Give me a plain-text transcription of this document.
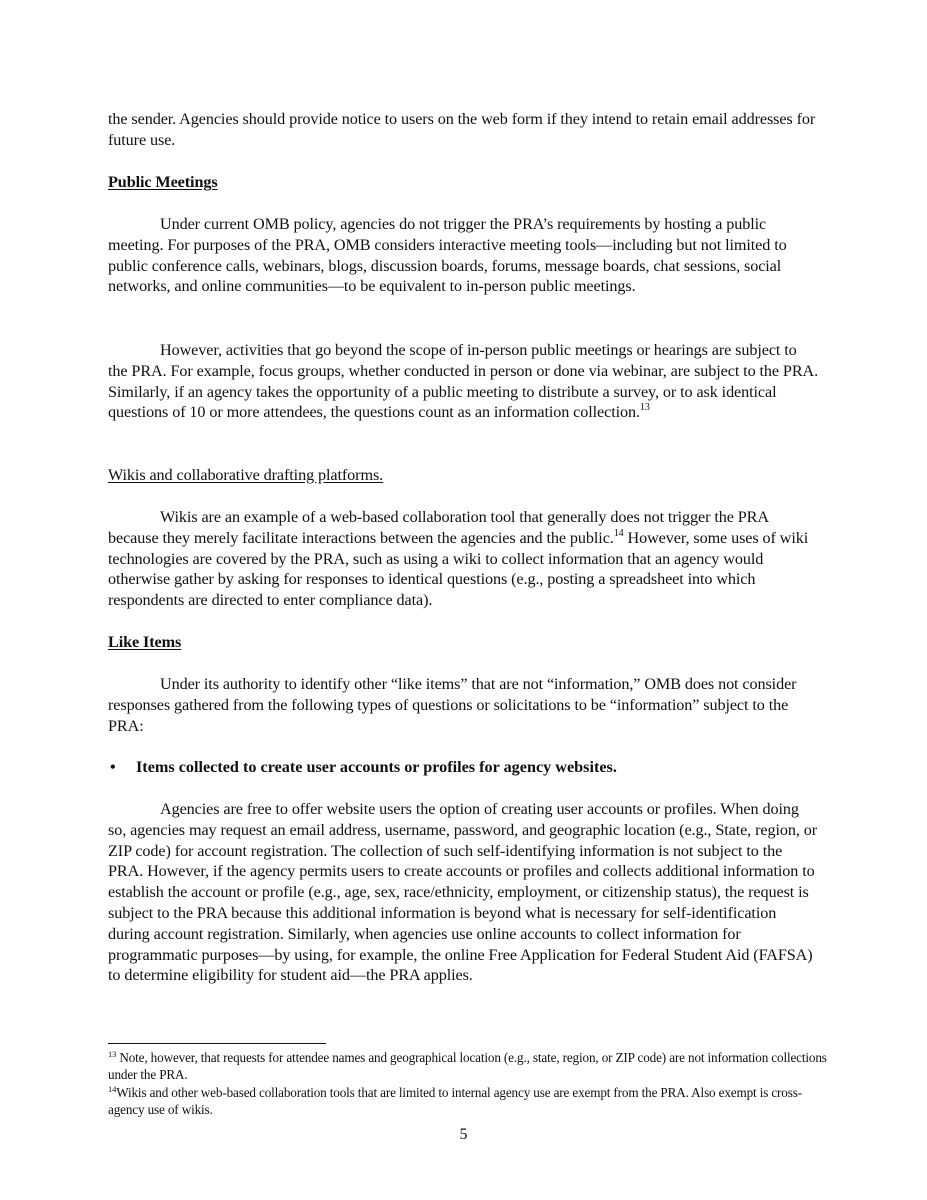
the sender. Agencies should provide notice to users on the web form if they intend to retain email addresses for future use.

Public Meetings

Under current OMB policy, agencies do not trigger the PRA’s requirements by hosting a public meeting. For purposes of the PRA, OMB considers interactive meeting tools—including but not limited to public conference calls, webinars, blogs, discussion boards, forums, message boards, chat sessions, social networks, and online communities—to be equivalent to in-person public meetings.

However, activities that go beyond the scope of in-person public meetings or hearings are subject to the PRA. For example, focus groups, whether conducted in person or done via webinar, are subject to the PRA. Similarly, if an agency takes the opportunity of a public meeting to distribute a survey, or to ask identical questions of 10 or more attendees, the questions count as an information collection.$^{13}$

Wikis and collaborative drafting platforms.

Wikis are an example of a web-based collaboration tool that generally does not trigger the PRA because they merely facilitate interactions between the agencies and the public.$^{14}$ However, some uses of wiki technologies are covered by the PRA, such as using a wiki to collect information that an agency would otherwise gather by asking for responses to identical questions (e.g., posting a spreadsheet into which respondents are directed to enter compliance data).

Like Items

Under its authority to identify other “like items” that are not “information,” OMB does not consider responses gathered from the following types of questions or solicitations to be “information” subject to the PRA:

• Items collected to create user accounts or profiles for agency websites.

Agencies are free to offer website users the option of creating user accounts or profiles. When doing so, agencies may request an email address, username, password, and geographic location (e.g., State, region, or ZIP code) for account registration. The collection of such self-identifying information is not subject to the PRA. However, if the agency permits users to create accounts or profiles and collects additional information to establish the account or profile (e.g., age, sex, race/ethnicity, employment, or citizenship status), the request is subject to the PRA because this additional information is beyond what is necessary for self-identification during account registration. Similarly, when agencies use online accounts to collect information for programmatic purposes—by using, for example, the online Free Application for Federal Student Aid (FAFSA) to determine eligibility for student aid—the PRA applies.

$^{13}$ Note, however, that requests for attendee names and geographical location (e.g., state, region, or ZIP code) are not information collections under the PRA.

$^{14}$Wikis and other web-based collaboration tools that are limited to internal agency use are exempt from the PRA. Also exempt is cross-agency use of wikis.

5
